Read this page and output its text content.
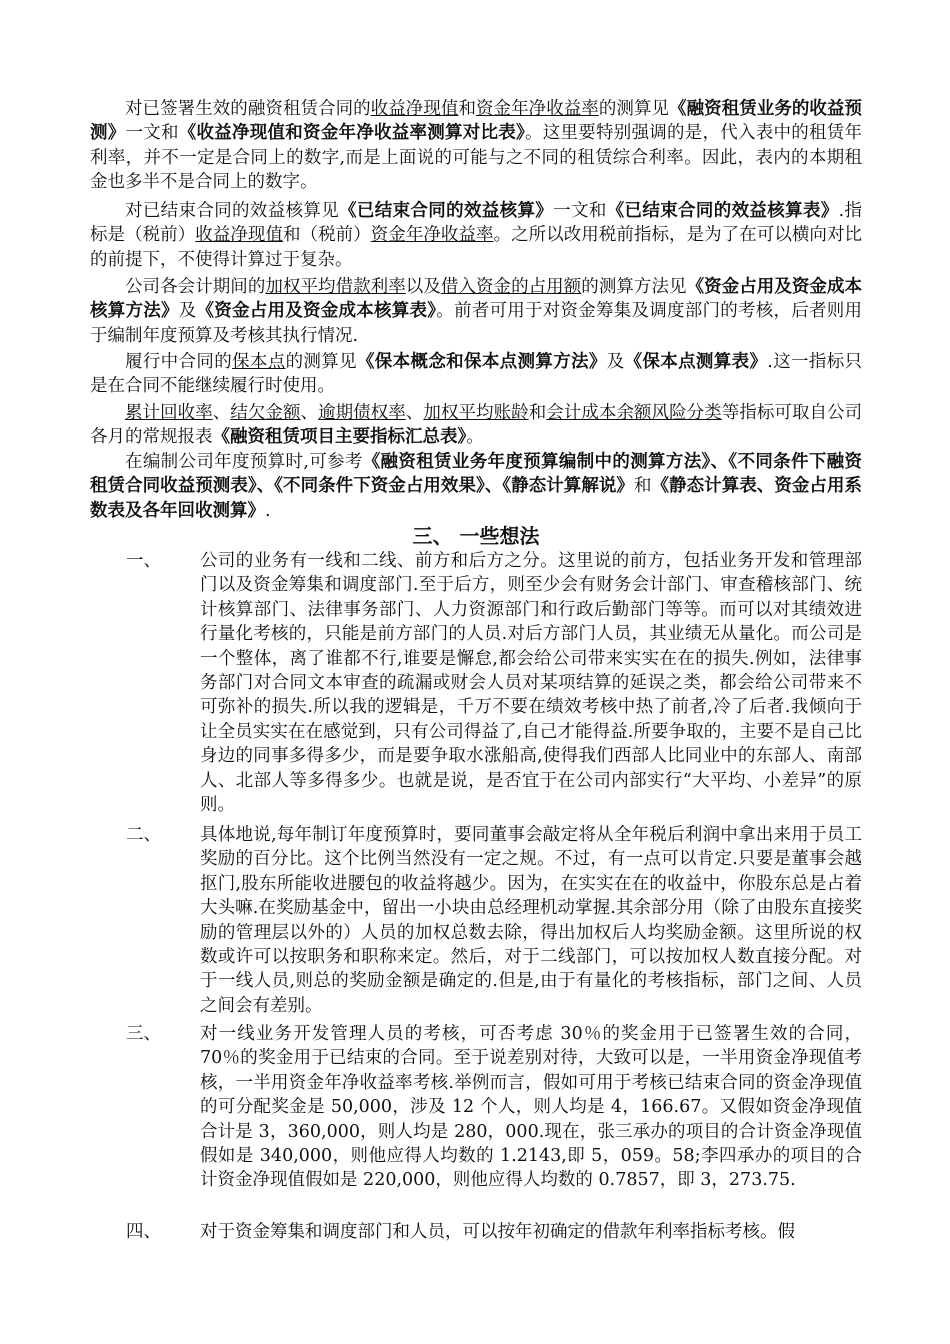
对已签署生效的融资租赁合同的收益净现值和资金年净收益率的测算见《融资租赁业务的收益预测》一文和《收益净现值和资金年净收益率测算对比表》。这里要特别强调的是，代入表中的租赁年利率，并不一定是合同上的数字,而是上面说的可能与之不同的租赁综合利率。因此，表内的本期租金也多半不是合同上的数字。

对已结束合同的效益核算见《已结束合同的效益核算》一文和《已结束合同的效益核算表》.指标是（税前）收益净现值和（税前）资金年净收益率。之所以改用税前指标，是为了在可以横向对比的前提下，不使得计算过于复杂。

公司各会计期间的加权平均借款利率以及借入资金的占用额的测算方法见《资金占用及资金成本核算方法》及《资金占用及资金成本核算表》。前者可用于对资金筹集及调度部门的考核，后者则用于编制年度预算及考核其执行情况.

履行中合同的保本点的测算见《保本概念和保本点测算方法》及《保本点测算表》.这一指标只是在合同不能继续履行时使用。

累计回收率、结欠金额、逾期债权率、加权平均账龄和会计成本余额风险分类等指标可取自公司各月的常规报表《融资租赁项目主要指标汇总表》。

在编制公司年度预算时,可参考《融资租赁业务年度预算编制中的测算方法》、《不同条件下融资租赁合同收益预测表》、《不同条件下资金占用效果》、《静态计算解说》和《静态计算表、资金占用系数表及各年回收测算》.

三、 一些想法
一、	公司的业务有一线和二线、前方和后方之分。这里说的前方，包括业务开发和管理部门以及资金筹集和调度部门.至于后方，则至少会有财务会计部门、审查稽核部门、统计核算部门、法律事务部门、人力资源部门和行政后勤部门等等。而可以对其绩效进行量化考核的，只能是前方部门的人员.对后方部门人员，其业绩无从量化。而公司是一个整体，离了谁都不行,谁要是懈怠,都会给公司带来实实在在的损失.例如，法律事务部门对合同文本审查的疏漏或财会人员对某项结算的延误之类，都会给公司带来不可弥补的损失.所以我的逻辑是，千万不要在绩效考核中热了前者,冷了后者.我倾向于让全员实实在在感觉到，只有公司得益了,自己才能得益.所要争取的，主要不是自己比身边的同事多得多少，而是要争取水涨船高,使得我们西部人比同业中的东部人、南部人、北部人等多得多少。也就是说，是否宜于在公司内部实行“大平均、小差异”的原则。
二、	具体地说,每年制订年度预算时，要同董事会敲定将从全年税后利润中拿出来用于员工奖励的百分比。这个比例当然没有一定之规。不过，有一点可以肯定.只要是董事会越抠门,股东所能收进腰包的收益将越少。因为，在实实在在的收益中，你股东总是占着大头嘛.在奖励基金中，留出一小块由总经理机动掌握.其余部分用（除了由股东直接奖励的管理层以外的）人员的加权总数去除，得出加权后人均奖励金额。这里所说的权数或许可以按职务和职称来定。然后，对于二线部门，可以按加权人数直接分配。对于一线人员,则总的奖励金额是确定的.但是,由于有量化的考核指标，部门之间、人员之间会有差别。
三、	对一线业务开发管理人员的考核，可否考虑 30％的奖金用于已签署生效的合同，70％的奖金用于已结束的合同。至于说差别对待，大致可以是，一半用资金净现值考核，一半用资金年净收益率考核.举例而言，假如可用于考核已结束合同的资金净现值的可分配奖金是 50,000，涉及 12 个人，则人均是 4，166.67。又假如资金净现值合计是 3，360,000，则人均是 280，000.现在，张三承办的项目的合计资金净现值假如是 340,000，则他应得人均数的 1.2143,即 5，059。58;李四承办的项目的合计资金净现值假如是 220,000，则他应得人均数的 0.7857，即 3，273.75.
四、	对于资金筹集和调度部门和人员，可以按年初确定的借款年利率指标考核。假
